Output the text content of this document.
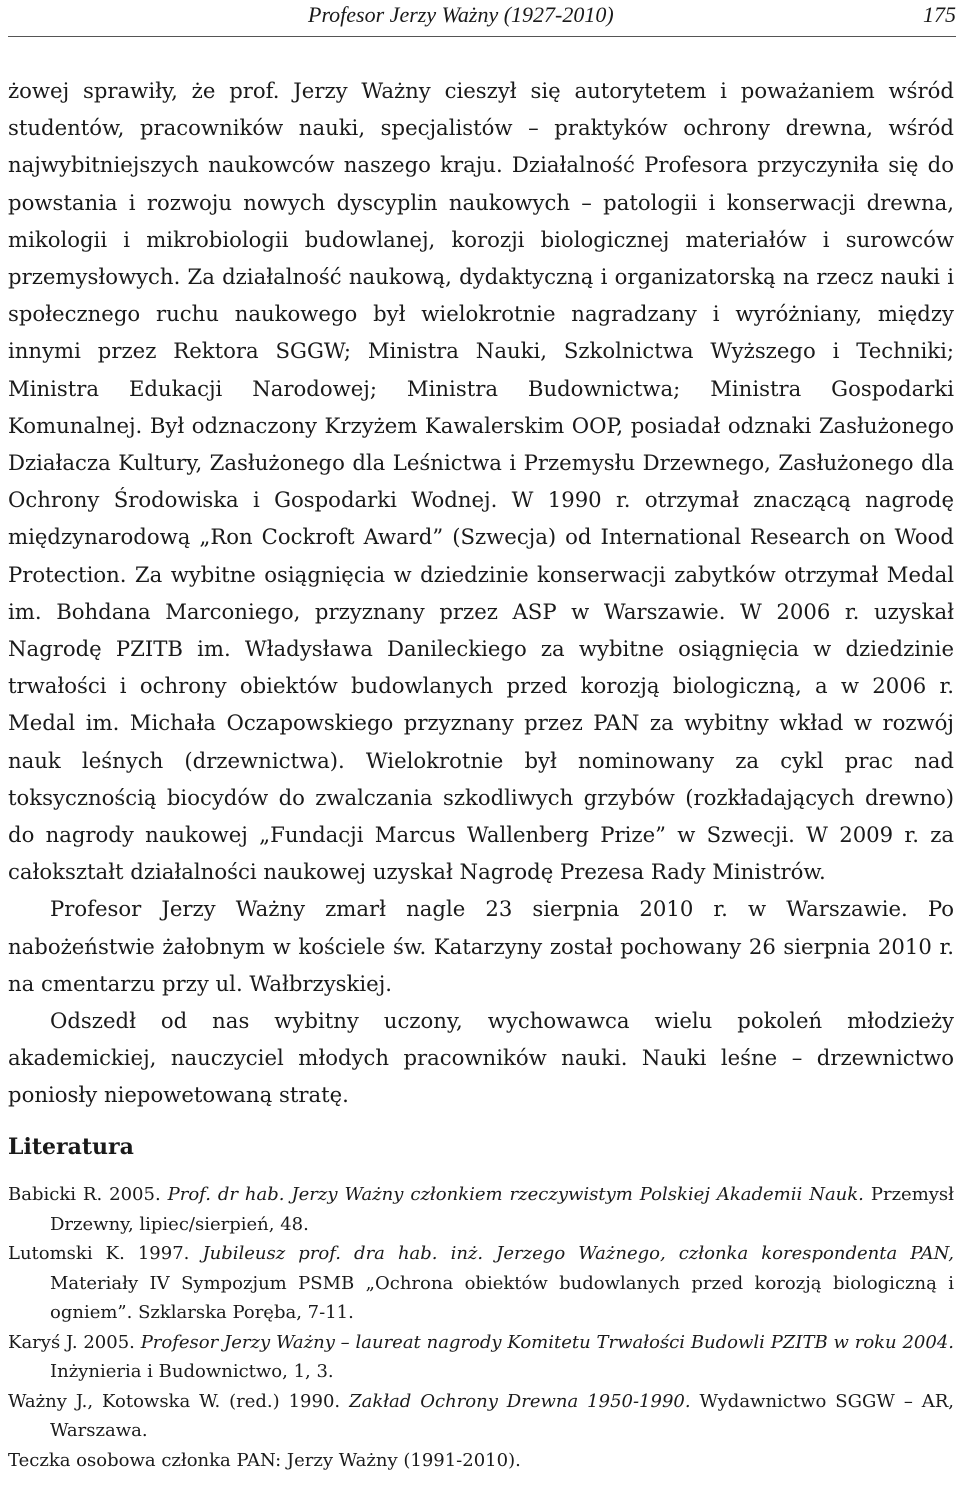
Profesor Jerzy Ważny (1927-2010)	175

żowej sprawiły, że prof. Jerzy Ważny cieszył się autorytetem i poważaniem wśród studentów, pracowników nauki, specjalistów – praktyków ochrony drewna, wśród najwybitniejszych naukowców naszego kraju. Działalność Profesora przyczyniła się do powstania i rozwoju nowych dyscyplin naukowych – patologii i konserwacji drewna, mikologii i mikrobiologii budowlanej, korozji biologicznej materiałów i surowców przemysłowych. Za działalność naukową, dydaktyczną i organizatorską na rzecz nauki i społecznego ruchu naukowego był wielokrotnie nagradzany i wyróżniany, między innymi przez Rektora SGGW; Ministra Nauki, Szkolnictwa Wyższego i Techniki; Ministra Edukacji Narodowej; Ministra Budownictwa; Ministra Gospodarki Komunalnej. Był odznaczony Krzyżem Kawalerskim OOP, posiadał odznaki Zasłużonego Działacza Kultury, Zasłużonego dla Leśnictwa i Przemysłu Drzewnego, Zasłużonego dla Ochrony Środowiska i Gospodarki Wodnej. W 1990 r. otrzymał znaczącą nagrodę międzynarodową „Ron Cockroft Award” (Szwecja) od International Research on Wood Protection. Za wybitne osiągnięcia w dziedzinie konserwacji zabytków otrzymał Medal im. Bohdana Marconiego, przyznany przez ASP w Warszawie. W 2006 r. uzyskał Nagrodę PZITB im. Władysława Danileckiego za wybitne osiągnięcia w dziedzinie trwałości i ochrony obiektów budowlanych przed korozją biologiczną, a w 2006 r. Medal im. Michała Oczapowskiego przyznany przez PAN za wybitny wkład w rozwój nauk leśnych (drzewnictwa). Wielokrotnie był nominowany za cykl prac nad toksycznością biocydów do zwalczania szkodliwych grzybów (rozkładających drewno) do nagrody naukowej „Fundacji Marcus Wallenberg Prize” w Szwecji. W 2009 r. za całokształt działalności naukowej uzyskał Nagrodę Prezesa Rady Ministrów.

Profesor Jerzy Ważny zmarł nagle 23 sierpnia 2010 r. w Warszawie. Po nabożeństwie żałobnym w kościele św. Katarzyny został pochowany 26 sierpnia 2010 r. na cmentarzu przy ul. Wałbrzyskiej.

Odszedł od nas wybitny uczony, wychowawca wielu pokoleń młodzieży akademickiej, nauczyciel młodych pracowników nauki. Nauki leśne – drzewnictwo poniosły niepowetowaną stratę.

Literatura

Babicki R. 2005. Prof. dr hab. Jerzy Ważny członkiem rzeczywistym Polskiej Akademii Nauk. Przemysł Drzewny, lipiec/sierpień, 48.

Lutomski K. 1997. Jubileusz prof. dra hab. inż. Jerzego Ważnego, członka korespondenta PAN, Materiały IV Sympozjum PSMB „Ochrona obiektów budowlanych przed korozją biologiczną i ogniem”. Szklarska Poręba, 7-11.

Karyś J. 2005. Profesor Jerzy Ważny – laureat nagrody Komitetu Trwałości Budowli PZITB w roku 2004. Inżynieria i Budownictwo, 1, 3.

Ważny J., Kotowska W. (red.) 1990. Zakład Ochrony Drewna 1950-1990. Wydawnictwo SGGW – AR, Warszawa.

Teczka osobowa członka PAN: Jerzy Ważny (1991-2010).
